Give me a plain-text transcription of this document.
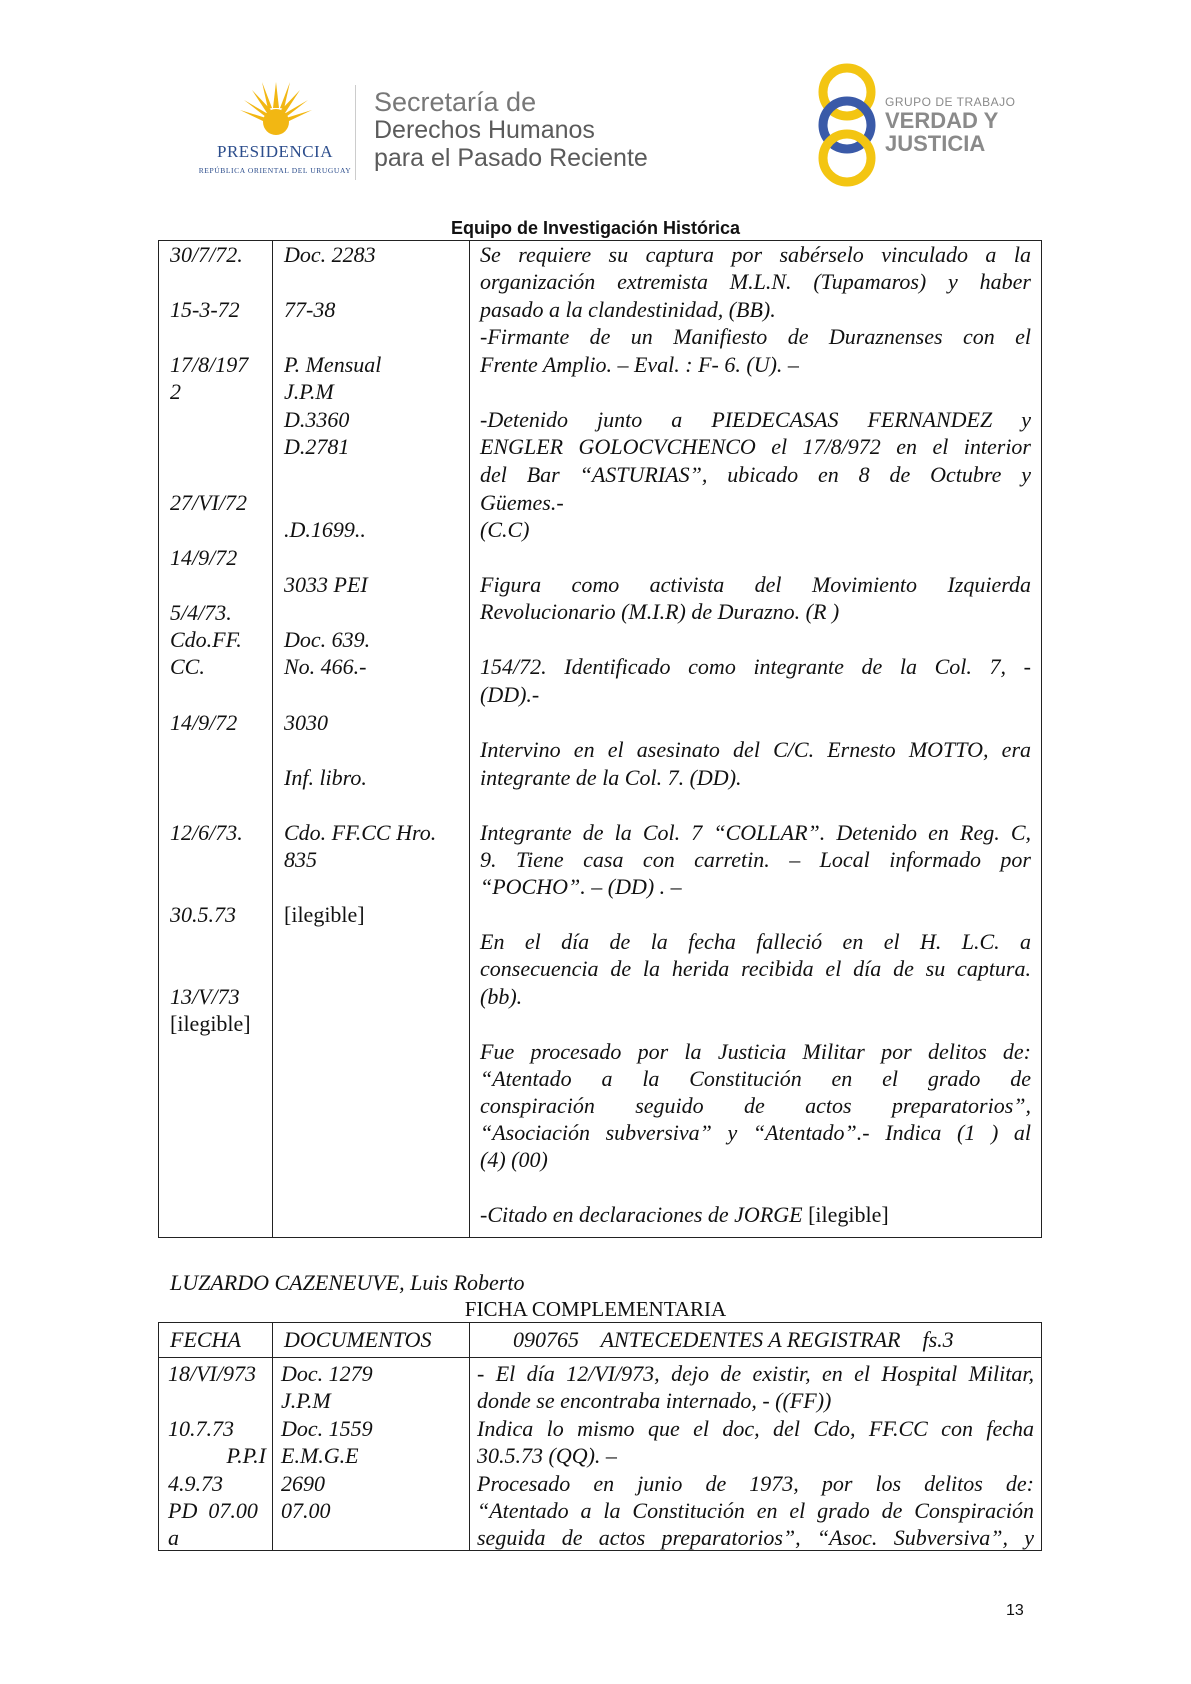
PRESIDENCIA
REPÚBLICA ORIENTAL DEL URUGUAY
Secretaría de
Derechos Humanos
para el Pasado Reciente
GRUPO DE TRABAJO
VERDAD Y
JUSTICIA
Equipo de Investigación Histórica
30/7/72.
15-3-72
17/8/197
2
27/VI/72
14/9/72
5/4/73.
Cdo.FF.
CC.
14/9/72
12/6/73.
30.5.73
13/V/73
[ilegible]
Doc. 2283
77-38
P. Mensual
J.P.M
D.3360
D.2781
.D.1699..
3033 PEI
Doc. 639.
No. 466.-
3030
Inf. libro.
Cdo. FF.CC Hro.
835
[ilegible]
Se requiere su captura por sabérselo vinculado a la
organización extremista M.L.N. (Tupamaros) y haber
pasado a la clandestinidad, (BB).
-Firmante de un Manifiesto de Duraznenses con el
Frente Amplio. – Eval. : F- 6. (U). –
-Detenido junto a PIEDECASAS FERNANDEZ y
ENGLER GOLOCVCHENCO el 17/8/972 en el interior
del Bar “ASTURIAS”, ubicado en 8 de Octubre y
Güemes.-
(C.C)
Figura como activista del Movimiento Izquierda
Revolucionario (M.I.R) de Durazno. (R )
154/72. Identificado como integrante de la Col. 7, -
(DD).-
Intervino en el asesinato del C/C. Ernesto MOTTO, era
integrante de la Col. 7. (DD).
Integrante de la Col. 7 “COLLAR”. Detenido en Reg. C,
9. Tiene casa con carretin. – Local informado por
“POCHO”. – (DD) . –
En el día de la fecha falleció en el H. L.C. a
consecuencia de la herida recibida el día de su captura.
(bb).
Fue procesado por la Justicia Militar por delitos de:
“Atentado a la Constitución en el grado de
conspiración seguido de actos preparatorios”,
“Asociación subversiva” y “Atentado”.- Indica (1 ) al
(4) (00)
-Citado en declaraciones de JORGE [ilegible]
LUZARDO CAZENEUVE, Luis Roberto
FICHA COMPLEMENTARIA
FECHA DOCUMENTOS	090765    ANTECEDENTES A REGISTRAR    fs.3
18/VI/973
10.7.73
P.P.I
4.9.73
PD  07.00
a
Doc. 1279
J.P.M
Doc. 1559
E.M.G.E
2690
07.00
- El día 12/VI/973, dejo de existir, en el Hospital Militar,
donde se encontraba internado, - ((FF))
Indica lo mismo que el doc, del Cdo, FF.CC con fecha
30.5.73 (QQ). –
Procesado en junio de 1973, por los delitos de:
“Atentado a la Constitución en el grado de Conspiración
seguida de actos preparatorios”, “Asoc. Subversiva”, y
13
